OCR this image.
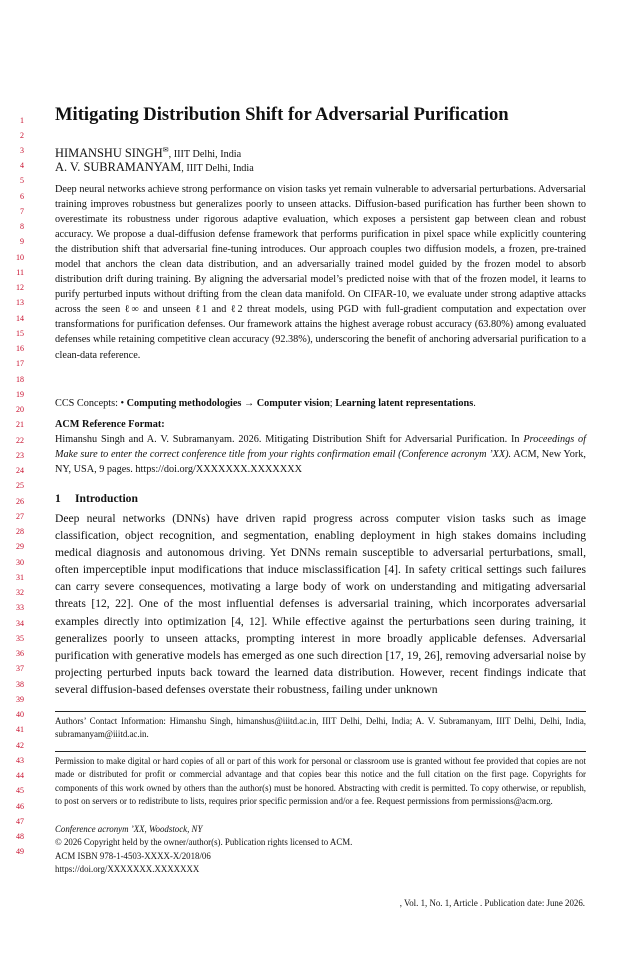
1
2
3
4
5
6
7
8
9
10
11
12
13
14
15
16
17
18
19
20
21
22
23
24
25
26
27
28
29
30
31
32
33
34
35
36
37
38
39
40
41
42
43
44
45
46
47
48
49
Mitigating Distribution Shift for Adversarial Purification
HIMANSHU SINGH✉, IIIT Delhi, India
A. V. SUBRAMANYAM, IIIT Delhi, India
Deep neural networks achieve strong performance on vision tasks yet remain vulnerable to adversarial perturbations. Adversarial training improves robustness but generalizes poorly to unseen attacks. Diffusion-based purification has further been shown to overestimate its robustness under rigorous adaptive evaluation, which exposes a persistent gap between clean and robust accuracy. We propose a dual-diffusion defense framework that performs purification in pixel space while explicitly countering the distribution shift that adversarial fine-tuning introduces. Our approach couples two diffusion models, a frozen, pre-trained model that anchors the clean data distribution, and an adversarially trained model guided by the frozen model to absorb distribution drift during training. By aligning the adversarial model’s predicted noise with that of the frozen model, it learns to purify perturbed inputs without drifting from the clean data manifold. On CIFAR-10, we evaluate under strong adaptive attacks across the seen ℓ∞ and unseen ℓ1 and ℓ2 threat models, using PGD with full-gradient computation and expectation over transformations for purification defenses. Our framework attains the highest average robust accuracy (63.80%) among evaluated defenses while retaining competitive clean accuracy (92.38%), underscoring the benefit of anchoring adversarial purification to a clean-data reference.
CCS Concepts: • Computing methodologies → Computer vision; Learning latent representations.
ACM Reference Format:
Himanshu Singh and A. V. Subramanyam. 2026. Mitigating Distribution Shift for Adversarial Purification. In Proceedings of Make sure to enter the correct conference title from your rights confirmation email (Conference acronym ’XX). ACM, New York, NY, USA, 9 pages. https://doi.org/XXXXXXX.XXXXXXX
1 Introduction
Deep neural networks (DNNs) have driven rapid progress across computer vision tasks such as image classification, object recognition, and segmentation, enabling deployment in high stakes domains including medical diagnosis and autonomous driving. Yet DNNs remain susceptible to adversarial perturbations, small, often imperceptible input modifications that induce misclassification [4]. In safety critical settings such failures can carry severe consequences, motivating a large body of work on understanding and mitigating adversarial threats [12, 22]. One of the most influential defenses is adversarial training, which incorporates adversarial examples directly into optimization [4, 12]. While effective against the perturbations seen during training, it generalizes poorly to unseen attacks, prompting interest in more broadly applicable defenses. Adversarial purification with generative models has emerged as one such direction [17, 19, 26], removing adversarial noise by projecting perturbed inputs back toward the learned data distribution. However, recent findings indicate that several diffusion-based defenses overstate their robustness, failing under unknown
Authors’ Contact Information: Himanshu Singh, himanshus@iiitd.ac.in, IIIT Delhi, Delhi, India; A. V. Subramanyam, IIIT Delhi, Delhi, India, subramanyam@iiitd.ac.in.
Permission to make digital or hard copies of all or part of this work for personal or classroom use is granted without fee provided that copies are not made or distributed for profit or commercial advantage and that copies bear this notice and the full citation on the first page. Copyrights for components of this work owned by others than the author(s) must be honored. Abstracting with credit is permitted. To copy otherwise, or republish, to post on servers or to redistribute to lists, requires prior specific permission and/or a fee. Request permissions from permissions@acm.org.
Conference acronym ’XX, Woodstock, NY
© 2026 Copyright held by the owner/author(s). Publication rights licensed to ACM.
ACM ISBN 978-1-4503-XXXX-X/2018/06
https://doi.org/XXXXXXX.XXXXXXX
, Vol. 1, No. 1, Article . Publication date: June 2026.
